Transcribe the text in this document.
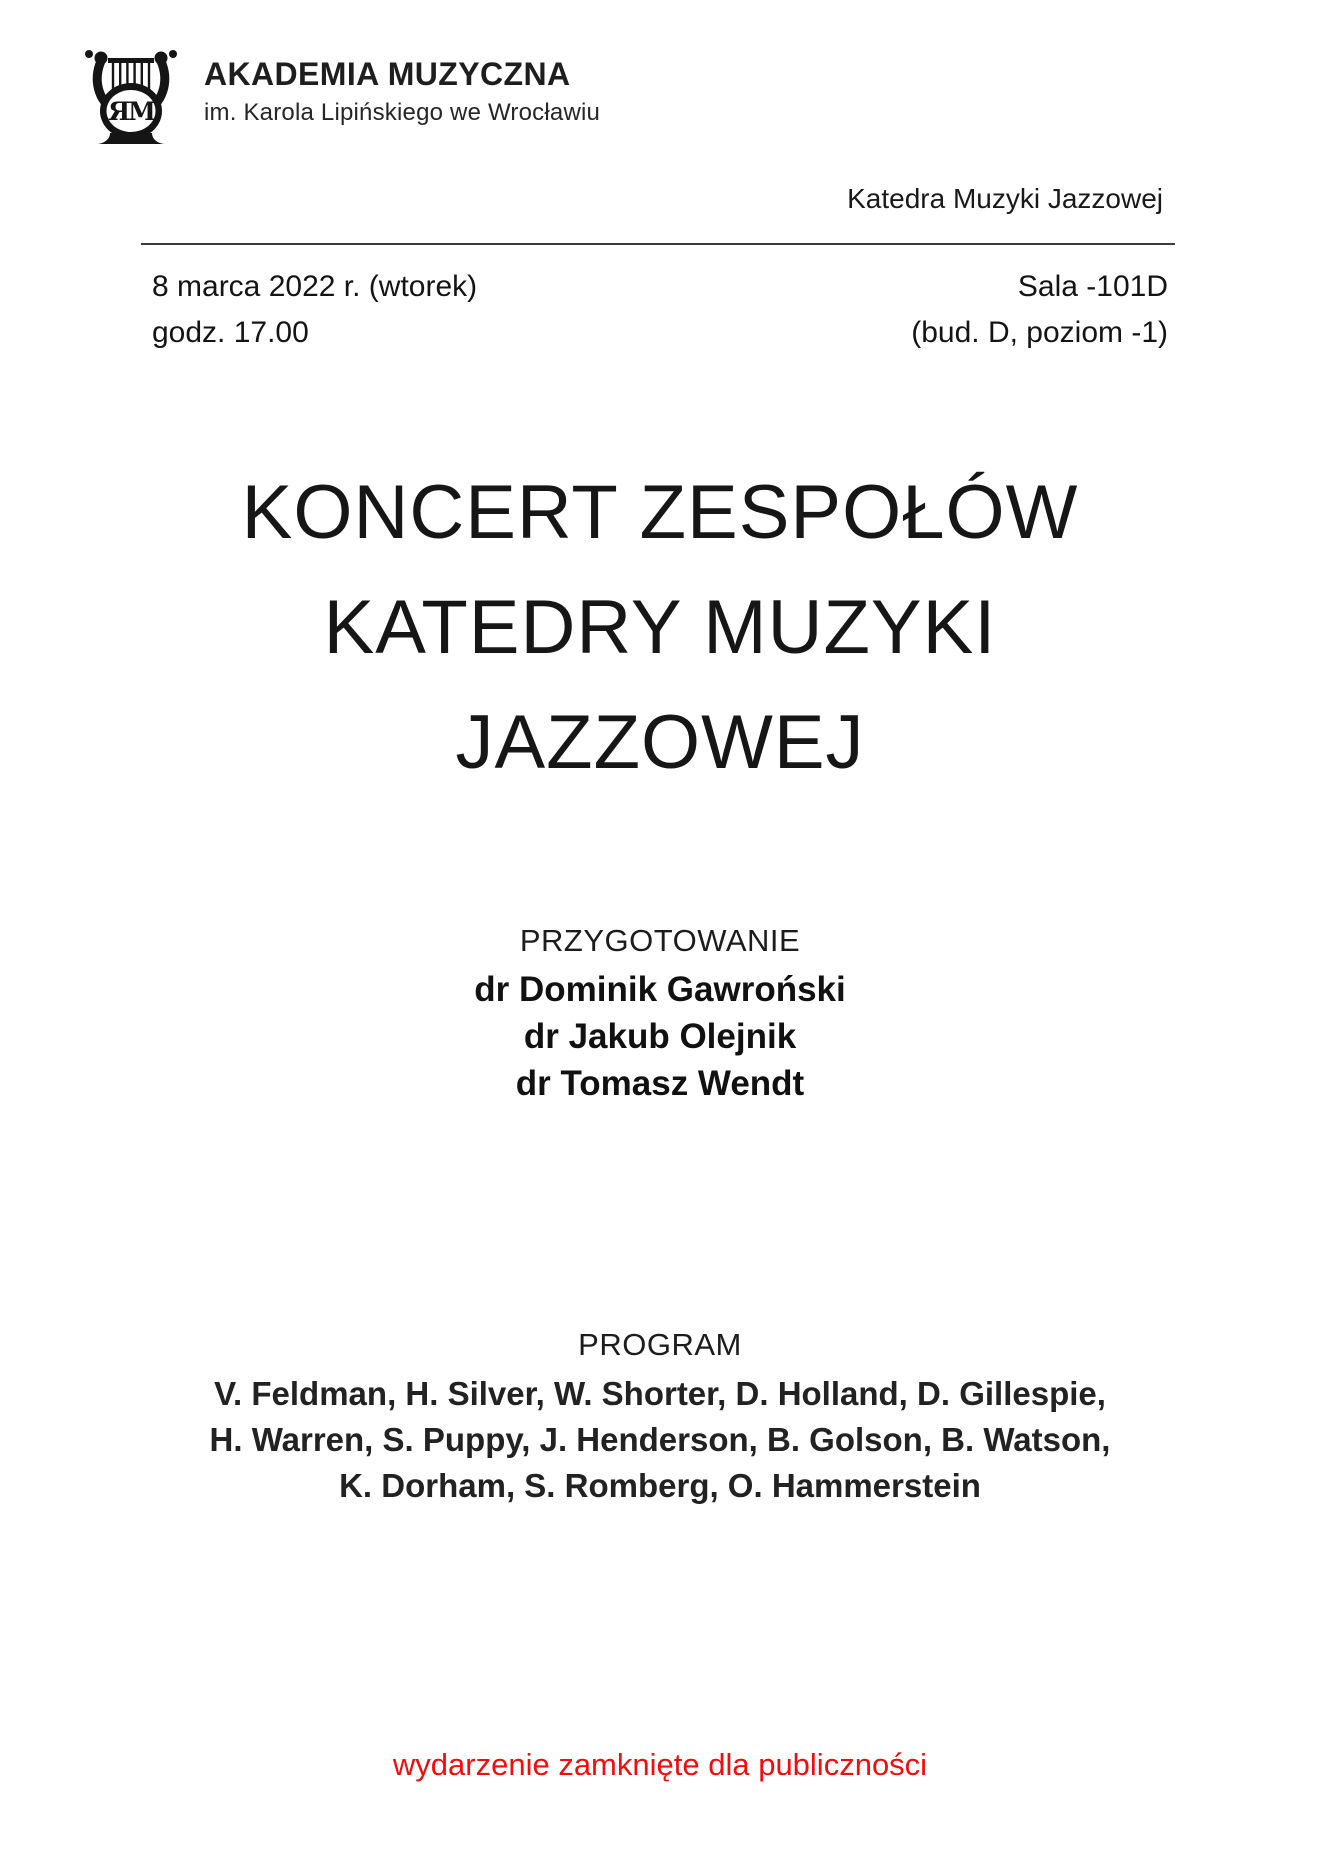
ЯM
AKADEMIA MUZYCZNA
im. Karola Lipińskiego we Wrocławiu
Katedra Muzyki Jazzowej
8 marca 2022 r. (wtorek)
godz. 17.00
Sala -101D
(bud. D, poziom -1)
KONCERT ZESPOŁÓW
KATEDRY MUZYKI
JAZZOWEJ
PRZYGOTOWANIE
dr Dominik Gawroński
dr Jakub Olejnik
dr Tomasz Wendt
PROGRAM
V. Feldman, H. Silver, W. Shorter, D. Holland, D. Gillespie,
H. Warren, S. Puppy, J. Henderson, B. Golson, B. Watson,
K. Dorham, S. Romberg, O. Hammerstein
wydarzenie zamknięte dla publiczności
